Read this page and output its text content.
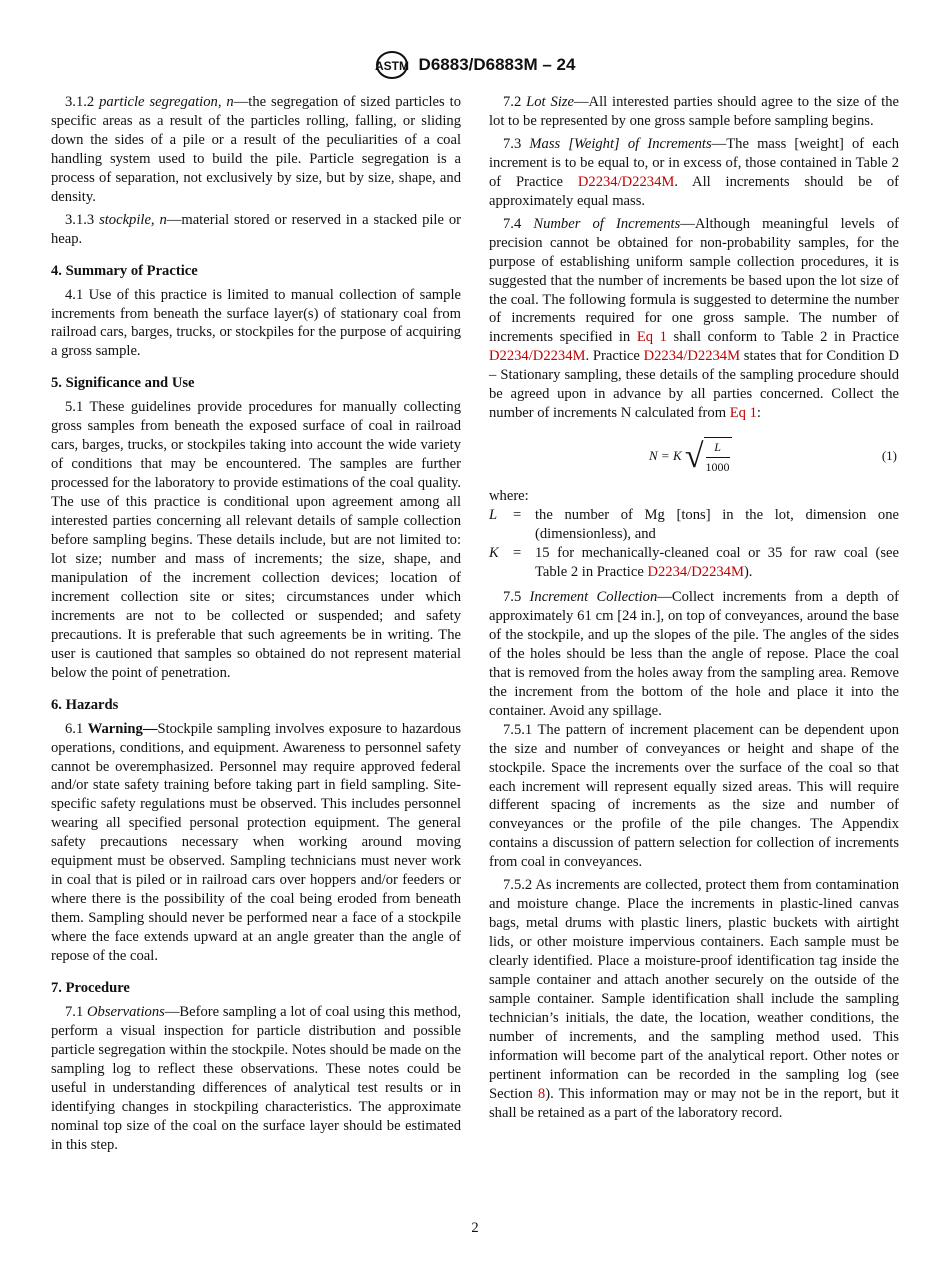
ASTM D6883/D6883M – 24

3.1.2 particle segregation, n—the segregation of sized particles to specific areas as a result of the particles rolling, falling, or sliding down the sides of a pile or a result of the peculiarities of a coal handling system used to build the pile. Particle segregation is a process of separation, not exclusively by size, but by size, shape, and density.

3.1.3 stockpile, n—material stored or reserved in a stacked pile or heap.

4. Summary of Practice

4.1 Use of this practice is limited to manual collection of sample increments from beneath the surface layer(s) of stationary coal from railroad cars, barges, trucks, or stockpiles for the purpose of acquiring a gross sample.

5. Significance and Use

5.1 These guidelines provide procedures for manually collecting gross samples from beneath the exposed surface of coal in railroad cars, barges, trucks, or stockpiles taking into account the wide variety of conditions that may be encountered. The samples are further processed for the laboratory to provide estimations of the coal quality. The use of this practice is conditional upon agreement among all interested parties concerning all relevant details of sample collection before sampling begins. These details include, but are not limited to: lot size; number and mass of increments; the size, shape, and manipulation of the increment collection devices; location of increment collection site or sites; circumstances under which increments are not to be collected or suspended; and safety precautions. It is preferable that such agreements be in writing. The user is cautioned that samples so obtained do not represent material below the point of penetration.

6. Hazards

6.1 Warning—Stockpile sampling involves exposure to hazardous operations, conditions, and equipment. Awareness to personnel safety cannot be overemphasized. Personnel may require approved federal and/or state safety training before taking part in field sampling. Site-specific safety regulations must be observed. This includes personnel wearing all specified personal protection equipment. The general safety precautions necessary when working around moving equipment must be observed. Sampling technicians must never work in coal that is piled or in railroad cars over hoppers and/or feeders or where there is the possibility of the coal being eroded from beneath them. Sampling should never be performed near a face of a stockpile where the face extends upward at an angle greater than the angle of repose of the coal.

7. Procedure

7.1 Observations—Before sampling a lot of coal using this method, perform a visual inspection for particle distribution and possible particle segregation within the stockpile. Notes should be made on the sampling log to reflect these observations. These notes could be useful in understanding differences of analytical test results or in identifying changes in stockpiling characteristics. The approximate nominal top size of the coal on the surface layer should be estimated in this step.

7.2 Lot Size—All interested parties should agree to the size of the lot to be represented by one gross sample before sampling begins.

7.3 Mass [Weight] of Increments—The mass [weight] of each increment is to be equal to, or in excess of, those contained in Table 2 of Practice D2234/D2234M. All increments should be of approximately equal mass.

7.4 Number of Increments—Although meaningful levels of precision cannot be obtained for non-probability samples, for the purpose of establishing uniform sample collection procedures, it is suggested that the number of increments be based upon the lot size of the coal. The following formula is suggested to determine the number of increments required for one gross sample. The number of increments specified in Eq 1 shall conform to Table 2 in Practice D2234/D2234M. Practice D2234/D2234M states that for Condition D – Stationary sampling, these details of the sampling procedure should be agreed upon in advance by all parties concerned. Collect the number of increments N calculated from Eq 1:

N = K √ $\frac{L}{1000}$	(1)

where:

L	= the number of Mg [tons] in the lot, dimension one (dimensionless), and
K = 15 for mechanically-cleaned coal or 35 for raw coal (see Table 2 in Practice D2234/D2234M).

7.5 Increment Collection—Collect increments from a depth of approximately 61 cm [24 in.], on top of conveyances, around the base of the stockpile, and up the slopes of the pile. The angles of the sides of the holes should be less than the angle of repose. Place the coal that is removed from the holes away from the sampling area. Remove the increment from the bottom of the hole and place it into the container. Avoid any spillage.

7.5.1 The pattern of increment placement can be dependent upon the size and number of conveyances or height and shape of the stockpile. Space the increments over the surface of the coal so that each increment will represent equally sized areas. This will require different spacing of increments as the size and number of conveyances or the profile of the pile changes. The Appendix contains a discussion of pattern selection for collection of increments from coal in conveyances.

7.5.2 As increments are collected, protect them from contamination and moisture change. Place the increments in plastic-lined canvas bags, metal drums with plastic liners, plastic buckets with airtight lids, or other moisture impervious containers. Each sample must be clearly identified. Place a moisture-proof identification tag inside the sample container and attach another securely on the outside of the sample container. Sample identification shall include the sampling technician’s initials, the date, the location, weather conditions, the number of increments, and the sampling method used. This information will become part of the analytical report. Other notes or pertinent information can be recorded in the sampling log (see Section 8). This information may or may not be in the report, but it shall be retained as a part of the laboratory record.

2
